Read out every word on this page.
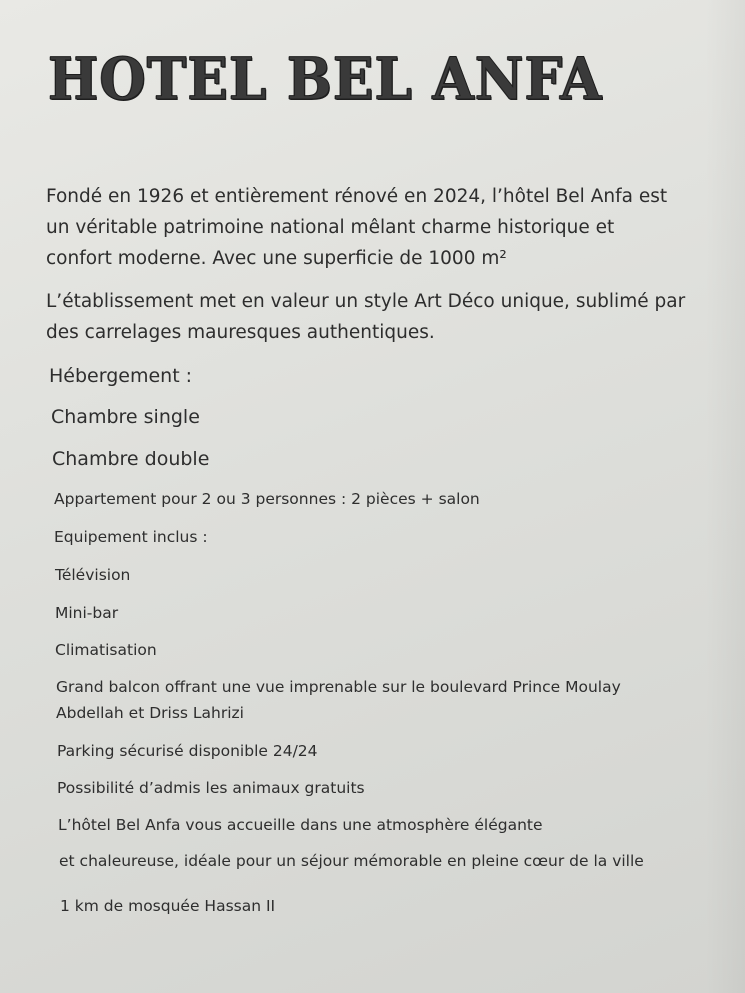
HOTEL BEL ANFA
Fondé en 1926 et entièrement rénové en 2024, l’hôtel Bel Anfa est
un véritable patrimoine national mêlant charme historique et
confort moderne. Avec une superficie de 1000 m²
L’établissement met en valeur un style Art Déco unique, sublimé par
des carrelages mauresques authentiques.
Hébergement :
Chambre single
Chambre double
Appartement pour 2 ou 3 personnes : 2 pièces + salon
Equipement inclus :
Télévision
Mini-bar
Climatisation
Grand balcon offrant une vue imprenable sur le boulevard Prince Moulay
Abdellah et Driss Lahrizi
Parking sécurisé disponible 24/24
Possibilité d’admis les animaux gratuits
L’hôtel Bel Anfa vous accueille dans une atmosphère élégante
et chaleureuse, idéale pour un séjour mémorable en pleine cœur de la ville
1 km de mosquée Hassan II
